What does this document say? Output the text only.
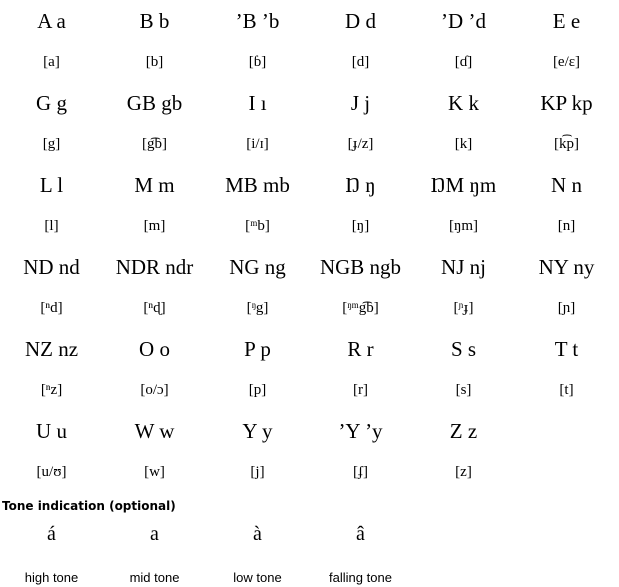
A a	B b	’B ’b	D d	’D ’d	E e
[a]	[b]	[ɓ]	[d]	[ɗ]	[e/ɛ]
G g	GB gb	I ı	J j	K k	KP kp
[g]	[g͡b]	[i/ɪ]	[ɟ/z]	[k]	[k͡p]
L l	M m	MB mb	Ŋ ŋ	ŊM ŋm	N n
[l]	[m]	[ᵐb]	[ŋ]	[ŋm]	[n]
ND nd	NDR ndr	NG ng	NGB ngb	NJ nj	NY ny
[ⁿd]	[ⁿɖ]	[ᵑg]	[ᵑᵐg͡b]	[ᶮɟ]	[ɲ]
NZ nz	O o	P p	R r	S s	T t
[ⁿz]	[o/ɔ]	[p]	[r]	[s]	[t]
U u	W w	Y y	’Y ’y	Z z
[u/ʊ]	[w]	[j]	[ʄ]	[z]
Tone indication (optional)
á	a	à	â
high tone	mid tone	low tone	falling tone
